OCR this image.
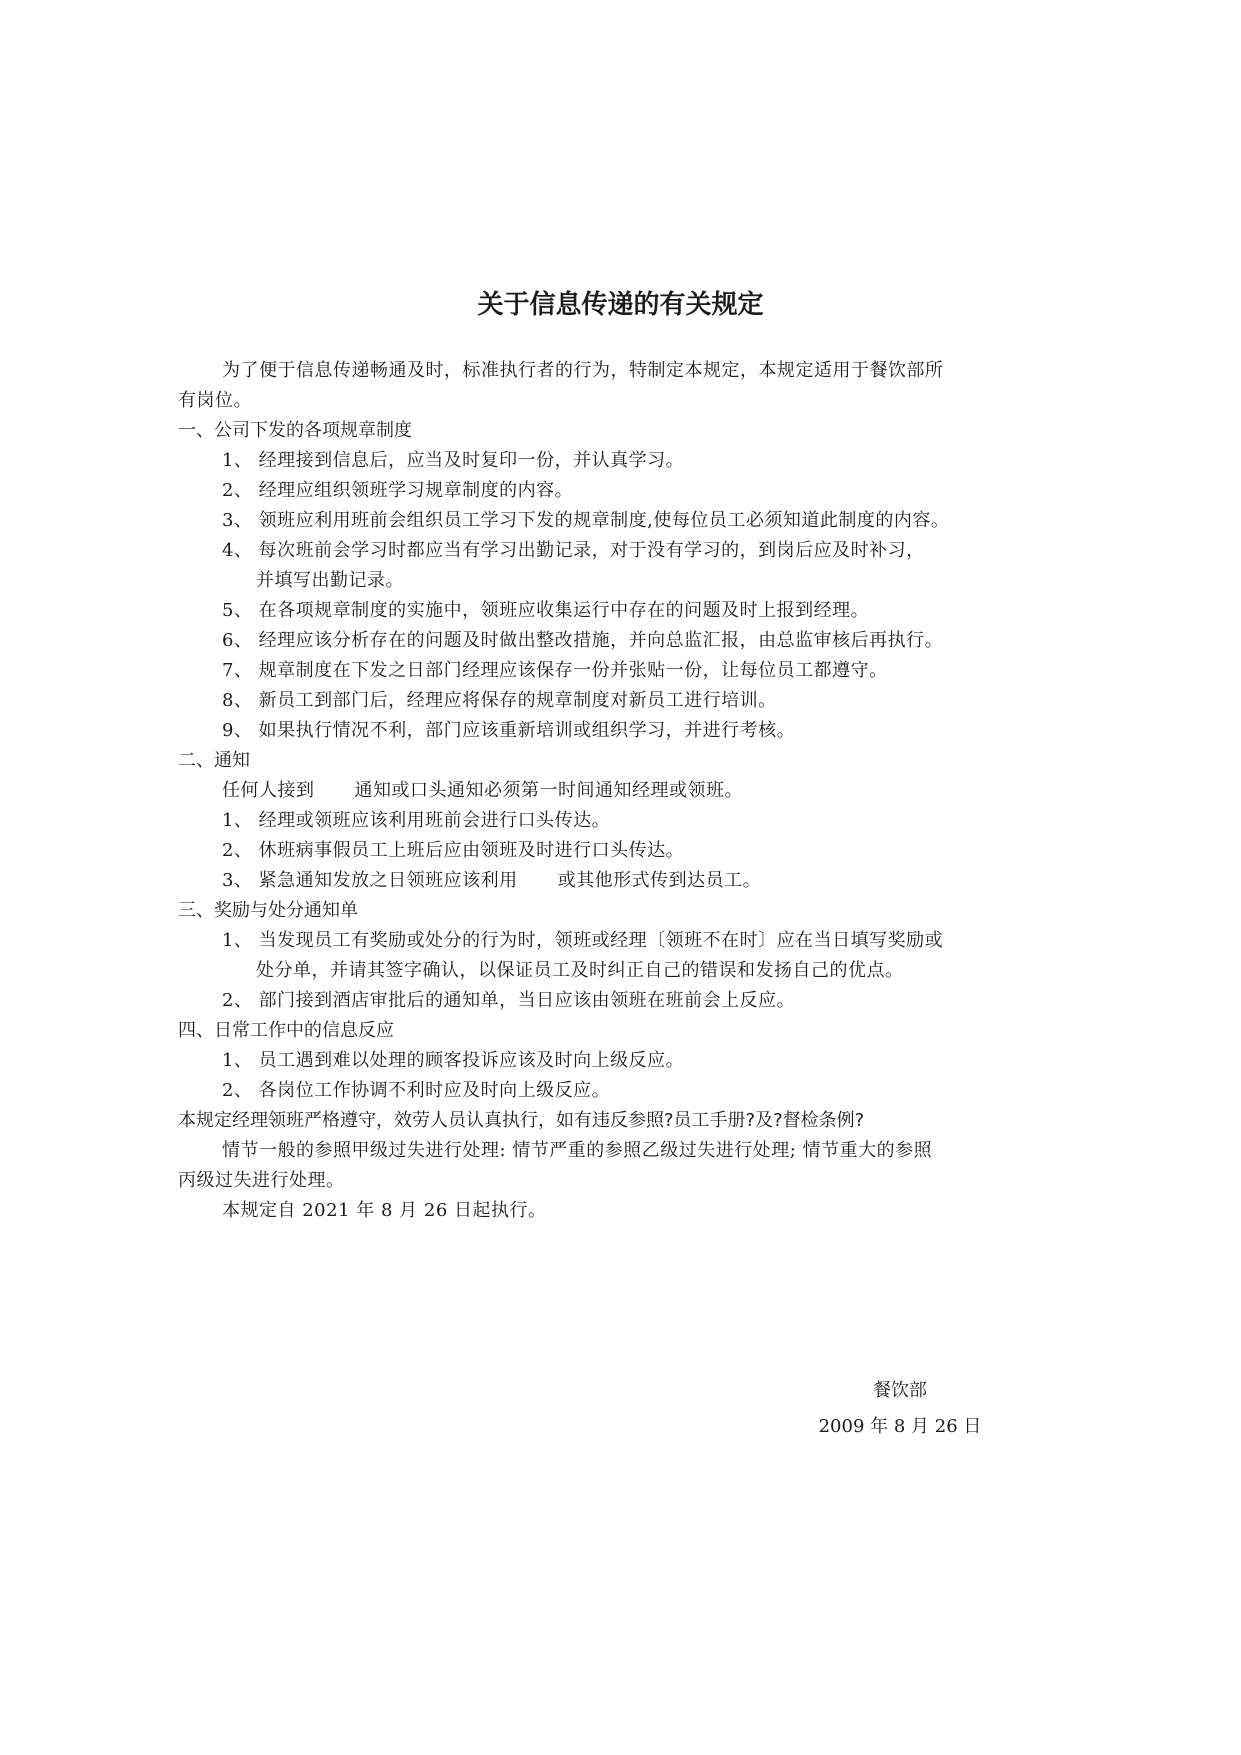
关于信息传递的有关规定
为了便于信息传递畅通及时，标准执行者的行为，特制定本规定，本规定适用于餐饮部所
有岗位。
一、公司下发的各项规章制度
1、 经理接到信息后，应当及时复印一份，并认真学习。
2、 经理应组织领班学习规章制度的内容。
3、 领班应利用班前会组织员工学习下发的规章制度,使每位员工必须知道此制度的内容。
4、 每次班前会学习时都应当有学习出勤记录，对于没有学习的，到岗后应及时补习，
并填写出勤记录。
5、 在各项规章制度的实施中，领班应收集运行中存在的问题及时上报到经理。
6、 经理应该分析存在的问题及时做出整改措施，并向总监汇报，由总监审核后再执行。
7、 规章制度在下发之日部门经理应该保存一份并张贴一份，让每位员工都遵守。
8、 新员工到部门后，经理应将保存的规章制度对新员工进行培训。
9、 如果执行情况不利，部门应该重新培训或组织学习，并进行考核。
二、通知
任何人接到 通知或口头通知必须第一时间通知经理或领班。
1、 经理或领班应该利用班前会进行口头传达。
2、 休班病事假员工上班后应由领班及时进行口头传达。
3、 紧急通知发放之日领班应该利用 或其他形式传到达员工。
三、奖励与处分通知单
1、 当发现员工有奖励或处分的行为时，领班或经理〔领班不在时〕应在当日填写奖励或
处分单，并请其签字确认，以保证员工及时纠正自己的错误和发扬自己的优点。
2、 部门接到酒店审批后的通知单，当日应该由领班在班前会上反应。
四、日常工作中的信息反应
1、 员工遇到难以处理的顾客投诉应该及时向上级反应。
2、 各岗位工作协调不利时应及时向上级反应。
本规定经理领班严格遵守，效劳人员认真执行，如有违反参照?员工手册?及?督检条例?
情节一般的参照甲级过失进行处理: 情节严重的参照乙级过失进行处理; 情节重大的参照
丙级过失进行处理。
本规定自 2021 年 8 月 26 日起执行。
餐饮部
2009 年 8 月 26 日
